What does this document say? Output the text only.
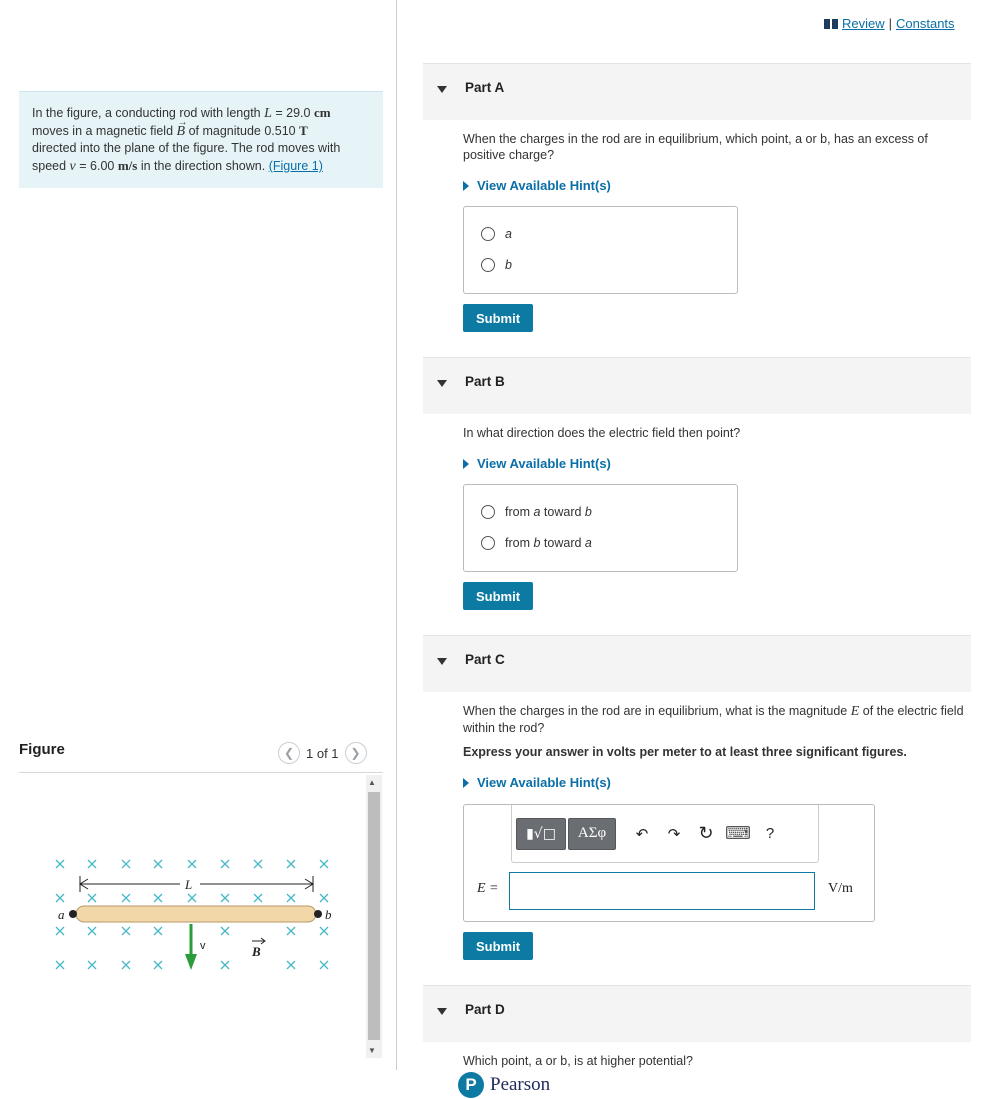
In the figure, a conducting rod with length L = 29.0 cm
moves in a magnetic field
→
B of magnitude 0.510 T
directed into the plane of the figure. The rod moves with
speed v = 6.00 m/s in the direction shown. (Figure 1)
Figure	❮ 1 of 1 ❯
L
a	b
v	B
▲
▼
Review | Constants
Part A
When the charges in the rod are in equilibrium, which point, a or b, has an excess of positive charge?
View Available Hint(s)
a
b
Submit
Part B
In what direction does the electric field then point?
View Available Hint(s)
from a toward b
from b toward a
Submit
Part C
When the charges in the rod are in equilibrium, what is the magnitude E of the electric field within the rod?
Express your answer in volts per meter to at least three significant figures.
View Available Hint(s)
▮√□	ΑΣφ	↶	↷	↻ ⌨ ?
E =	V/m
Submit
Part D
Which point, a or b, is at higher potential?
P Pearson
